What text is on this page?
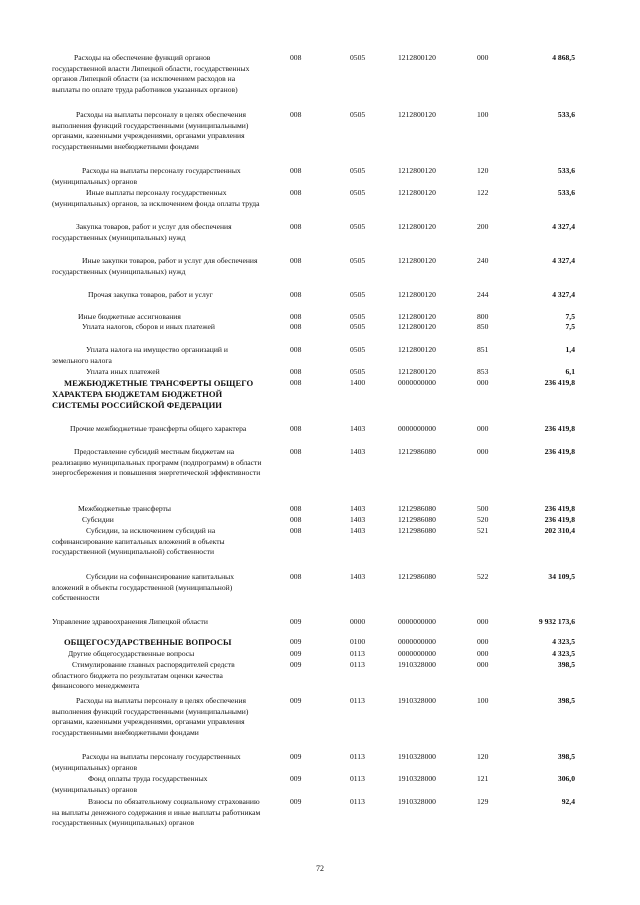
Расходы на обеспечение функций органов государственной власти Липецкой области, государственных органов Липецкой области (за исключением расходов на выплаты по оплате труда работников указанных органов)
008	0505	1212800120	000	4 868,5
Расходы на выплаты персоналу в целях обеспечения выполнения функций государственными (муниципальными) органами, казенными учреждениями, органами управления государственными внебюджетными фондами
008	0505	1212800120	100	533,6
Расходы на выплаты персоналу государственных (муниципальных) органов
008	0505	1212800120	120	533,6
Иные выплаты персоналу государственных (муниципальных) органов, за исключением фонда оплаты труда
008	0505	1212800120	122	533,6
Закупка товаров, работ и услуг для обеспечения государственных (муниципальных) нужд
008	0505	1212800120	200	4 327,4
Иные закупки товаров, работ и услуг для обеспечения государственных (муниципальных) нужд
008	0505	1212800120	240	4 327,4
Прочая закупка товаров, работ и услуг	008	0505	1212800120	244	4 327,4
Иные бюджетные ассигнования	008	0505	1212800120	800	7,5
Уплата налогов, сборов и иных платежей	008	0505	1212800120	850	7,5
Уплата налога на имущество организаций и земельного налога
008	0505	1212800120	851	1,4
Уплата иных платежей	008	0505	1212800120	853	6,1
МЕЖБЮДЖЕТНЫЕ ТРАНСФЕРТЫ ОБЩЕГО ХАРАКТЕРА БЮДЖЕТАМ БЮДЖЕТНОЙ СИСТЕМЫ РОССИЙСКОЙ ФЕДЕРАЦИИ
008	1400	0000000000	000	236 419,8
Прочие межбюджетные трансферты общего характера	008	1403	0000000000	000	236 419,8
Предоставление субсидий местным бюджетам на реализацию муниципальных программ (подпрограмм) в области энергосбережения и повышения энергетической эффективности
008	1403	1212986080	000	236 419,8
Межбюджетные трансферты	008	1403	1212986080	500	236 419,8
Субсидии	008	1403	1212986080	520	236 419,8
Субсидии, за исключением субсидий на софинансирование капитальных вложений в объекты государственной (муниципальной) собственности
008	1403	1212986080	521	202 310,4
Субсидии на софинансирование капитальных вложений в объекты государственной (муниципальной) собственности
008	1403	1212986080	522	34 109,5
Управление здравоохранения Липецкой области	009	0000	0000000000	000	9 932 173,6
ОБЩЕГОСУДАРСТВЕННЫЕ ВОПРОСЫ	009	0100	0000000000	000	4 323,5
Другие общегосударственные вопросы	009	0113	0000000000	000	4 323,5
Стимулирование главных распорядителей средств областного бюджета по результатам оценки качества финансового менеджмента
009	0113	1910328000	000	398,5
Расходы на выплаты персоналу в целях обеспечения выполнения функций государственными (муниципальными) органами, казенными учреждениями, органами управления государственными внебюджетными фондами
009	0113	1910328000	100	398,5
Расходы на выплаты персоналу государственных (муниципальных) органов
009	0113	1910328000	120	398,5
Фонд оплаты труда государственных (муниципальных) органов
009	0113	1910328000	121	306,0
Взносы по обязательному социальному страхованию на выплаты денежного содержания и иные выплаты работникам государственных (муниципальных) органов
009	0113	1910328000	129	92,4
72
